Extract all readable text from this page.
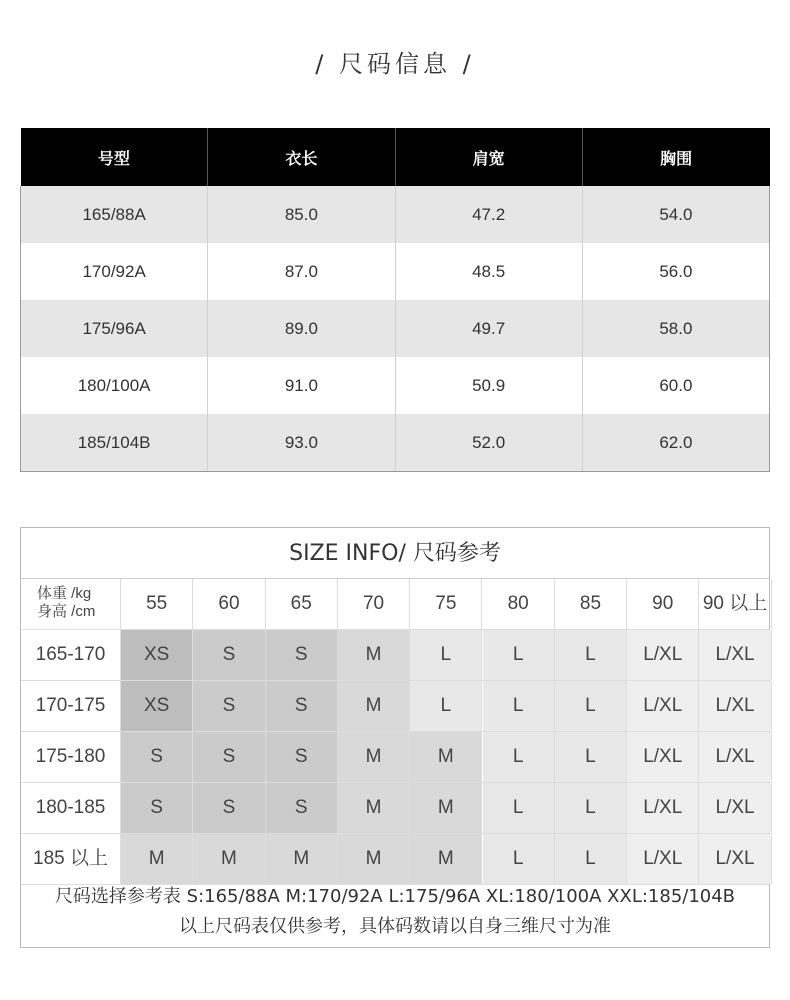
/ 尺码信息 /
号型	衣长	肩宽	胸围
165/88A	85.0	47.2	54.0
170/92A	87.0	48.5	56.0
175/96A	89.0	49.7	58.0
180/100A	91.0	50.9	60.0
185/104B	93.0	52.0	62.0
SIZE INFO/ 尺码参考
体重 /kg
身高 /cm	55	60	65	70	75	80	85	90	90 以上
165-170	XS	S	S	M	L	L	L	L/XL	L/XL
170-175	XS	S	S	M	L	L	L	L/XL	L/XL
175-180	S	S	S	M	M	L	L	L/XL	L/XL
180-185	S	S	S	M	M	L	L	L/XL	L/XL
185 以上	M	M	M	M	M	L	L	L/XL	L/XL
尺码选择参考表 S:165/88A M:170/92A L:175/96A XL:180/100A XXL:185/104B
以上尺码表仅供参考，具体码数请以自身三维尺寸为准
